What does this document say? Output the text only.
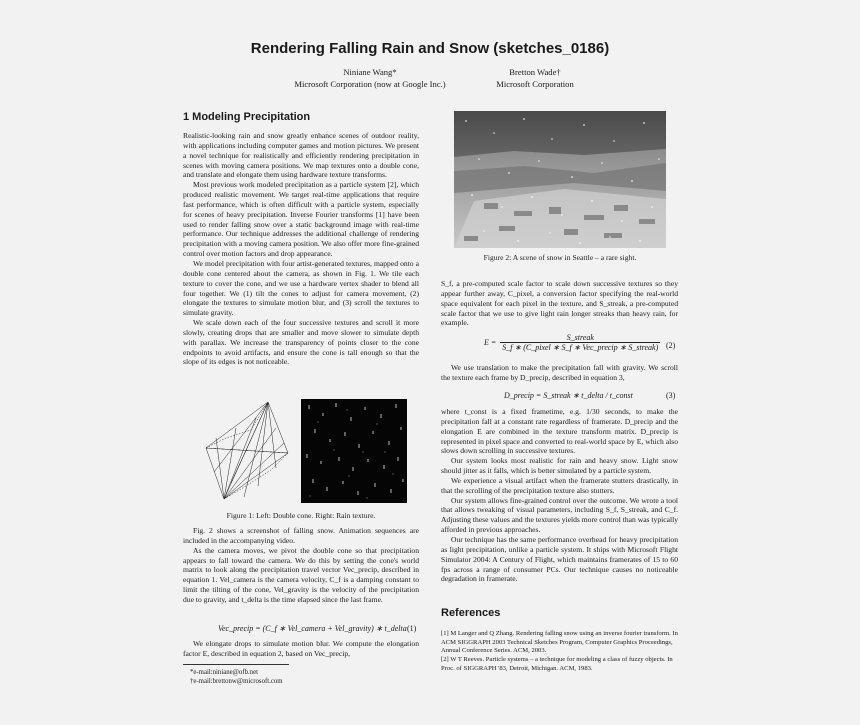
Rendering Falling Rain and Snow (sketches_0186)
Niniane Wang*
Microsoft Corporation (now at Google Inc.)
Bretton Wade†
Microsoft Corporation
1 Modeling Precipitation

Realistic-looking rain and snow greatly enhance scenes of outdoor reality, with applications including computer games and motion pictures. We present a novel technique for realistically and efficiently rendering precipitation in scenes with moving camera positions. We map textures onto a double cone, and translate and elongate them using hardware texture transforms.

Most previous work modeled precipitation as a particle system [2], which produced realistic movement. We target real-time applications that require fast performance, which is often difficult with a particle system, especially for scenes of heavy precipitation. Inverse Fourier transforms [1] have been used to render falling snow over a static background image with real-time performance. Our technique addresses the additional challenge of rendering precipitation with a moving camera position. We also offer more fine-grained control over motion factors and drop appearance.

We model precipitation with four artist-generated textures, mapped onto a double cone centered about the camera, as shown in Fig. 1. We tile each texture to cover the cone, and we use a hardware vertex shader to blend all four together. We (1) tilt the cones to adjust for camera movement, (2) elongate the textures to simulate motion blur, and (3) scroll the textures to simulate gravity.

We scale down each of the four successive textures and scroll it more slowly, creating drops that are smaller and move slower to simulate depth with parallax. We increase the transparency of points closer to the cone endpoints to avoid artifacts, and ensure the cone is tall enough so that the slope of its edges is not noticeable.

Figure 1: Left: Double cone. Right: Rain texture.

Fig. 2 shows a screenshot of falling snow. Animation sequences are included in the accompanying video.

As the camera moves, we pivot the double cone so that precipitation appears to fall toward the camera. We do this by setting the cone's world matrix to look along the precipitation travel vector Vec_precip, described in equation 1. Vel_camera is the camera velocity, C_f is a damping constant to limit the tilting of the cone, Vel_gravity is the velocity of the precipitation due to gravity, and t_delta is the time elapsed since the last frame.

Vec_precip = (C_f ∗ Vel_camera + Vel_gravity) ∗ t_delta (1)

We elongate drops to simulate motion blur. We compute the elongation factor E, described in equation 2, based on Vec_precip,

*e-mail:niniane@ofb.net
†e-mail:brettonw@microsoft.com
Figure 2: A scene of snow in Seattle – a rare sight.

S_f, a pre-computed scale factor to scale down successive textures so they appear further away, C_pixel, a conversion factor specifying the real-world space equivalent for each pixel in the texture, and S_streak, a pre-computed scale factor that we use to give light rain longer streaks than heavy rain, for example.

$E = \frac{\text{S\_streak}}{\text{S\_f ∗ (C\_pixel ∗ S\_f ∗ Vec\_precip ∗ S\_streak)}} (2)$

We use translation to make the precipitation fall with gravity. We scroll the texture each frame by D_precip, described in equation 3,

D_precip = S_streak ∗ t_delta / t_const	(3)

where t_const is a fixed frametime, e.g. 1/30 seconds, to make the precipitation fall at a constant rate regardless of framerate. D_precip and the elongation E are combined in the texture transform matrix. D_precip is represented in pixel space and converted to real-world space by E, which also slows down scrolling in successive textures.

Our system looks most realistic for rain and heavy snow. Light snow should jitter as it falls, which is better simulated by a particle system.

We experience a visual artifact when the framerate stutters drastically, in that the scrolling of the precipitation texture also stutters.

Our system allows fine-grained control over the outcome. We wrote a tool that allows tweaking of visual parameters, including S_f, S_streak, and C_f. Adjusting these values and the textures yields more control than was typically afforded in previous approaches.

Our technique has the same performance overhead for heavy precipitation as light precipitation, unlike a particle system. It ships with Microsoft Flight Simulator 2004: A Century of Flight, which maintains framerates of 15 to 60 fps across a range of consumer PCs. Our technique causes no noticeable degradation in framerate.

References
[1] M Langer and Q Zhang. Rendering falling snow using an inverse fourier transform. In ACM SIGGRAPH 2003 Technical Sketches Program, Computer Graphics Proceedings, Annual Conference Series. ACM, 2003.
[2] W T Reeves. Particle systems – a technique for modeling a class of fuzzy objects. In Proc. of SIGGRAPH '83, Detroit, Michigan. ACM, 1983.
